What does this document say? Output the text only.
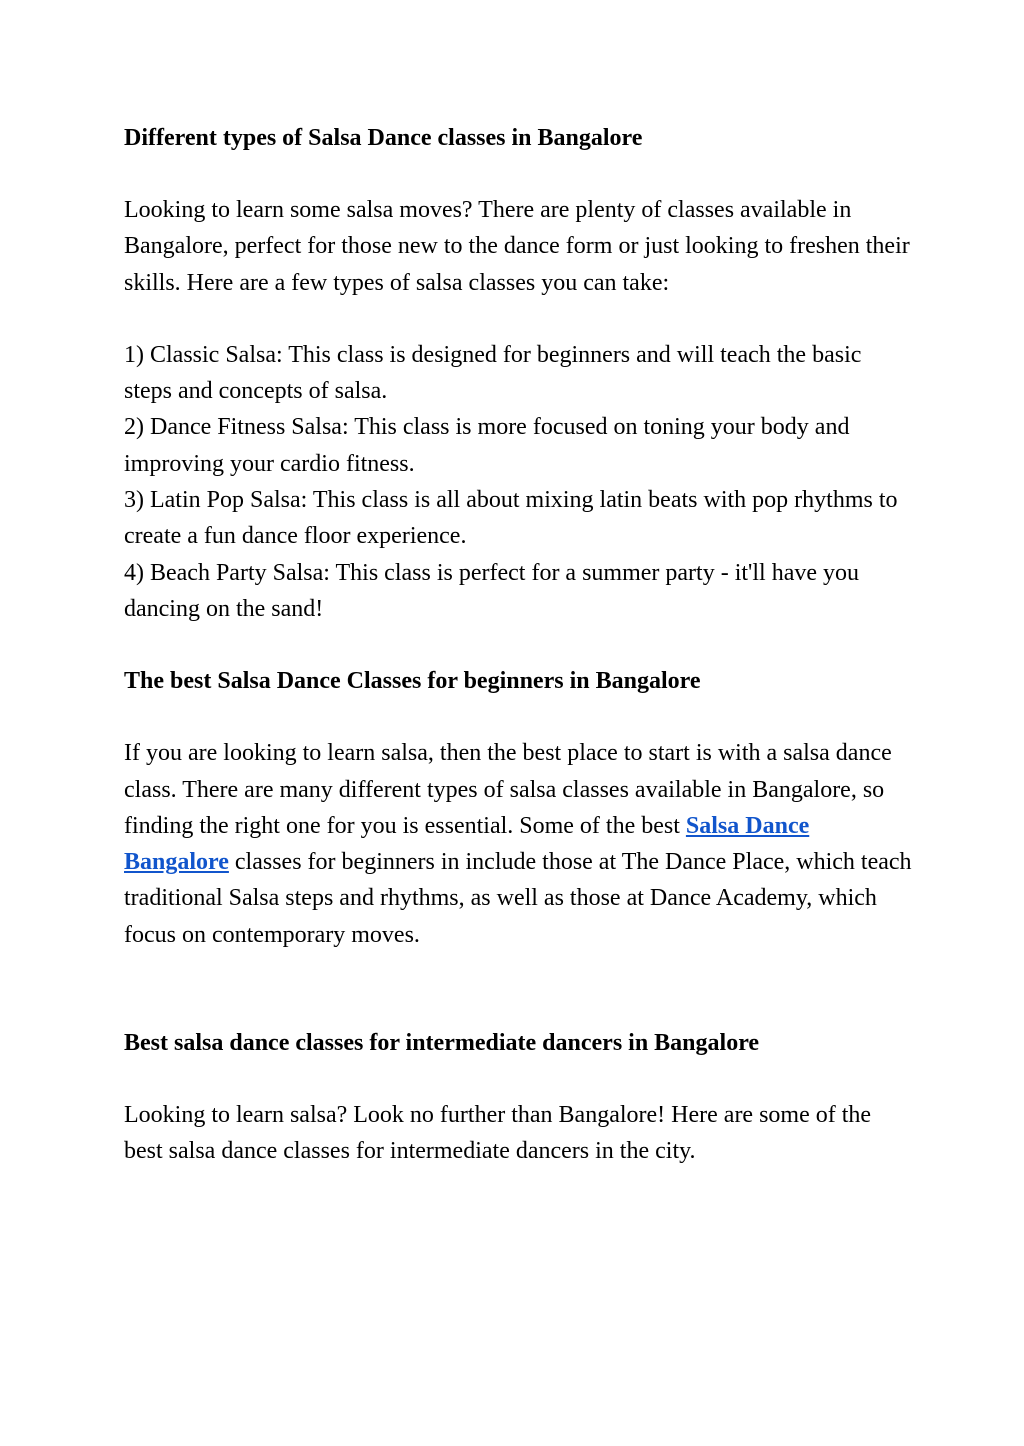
Different types of Salsa Dance classes in Bangalore

Looking to learn some salsa moves? There are plenty of classes available in Bangalore, perfect for those new to the dance form or just looking to freshen their skills. Here are a few types of salsa classes you can take:

1) Classic Salsa: This class is designed for beginners and will teach the basic steps and concepts of salsa.

2) Dance Fitness Salsa: This class is more focused on toning your body and improving your cardio fitness.

3) Latin Pop Salsa: This class is all about mixing latin beats with pop rhythms to create a fun dance floor experience.

4) Beach Party Salsa: This class is perfect for a summer party - it'll have you dancing on the sand!

The best Salsa Dance Classes for beginners in Bangalore

If you are looking to learn salsa, then the best place to start is with a salsa dance class. There are many different types of salsa classes available in Bangalore, so finding the right one for you is essential. Some of the best Salsa Dance Bangalore classes for beginners in include those at The Dance Place, which teach traditional Salsa steps and rhythms, as well as those at Dance Academy, which focus on contemporary moves.

Best salsa dance classes for intermediate dancers in Bangalore

Looking to learn salsa? Look no further than Bangalore! Here are some of the best salsa dance classes for intermediate dancers in the city.
